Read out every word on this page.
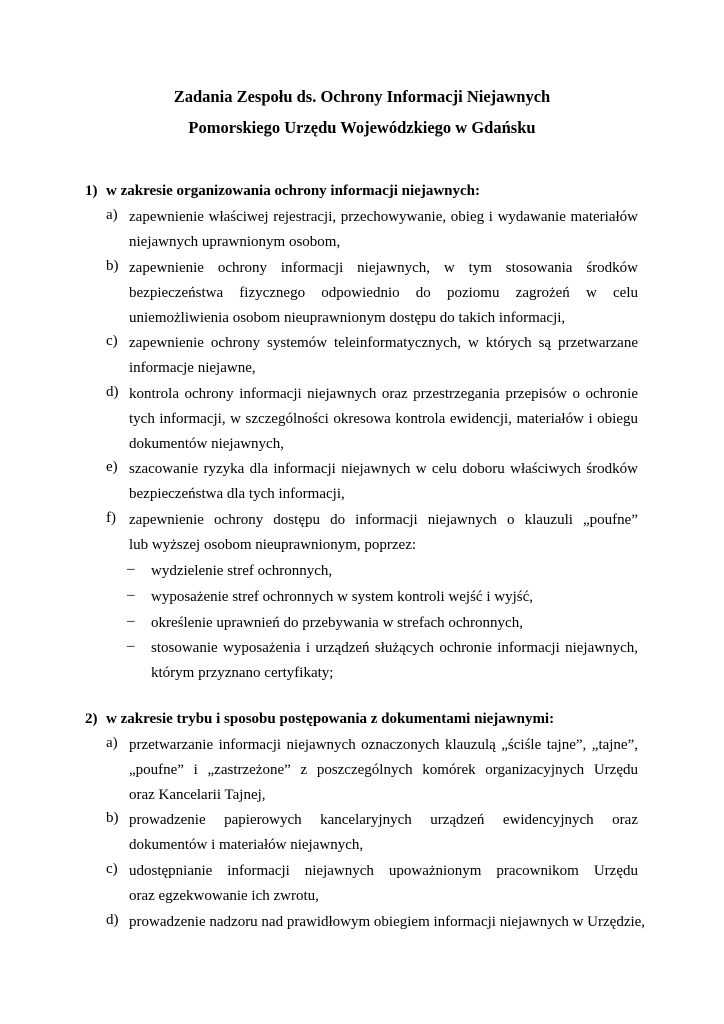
Zadania Zespołu ds. Ochrony Informacji Niejawnych
Pomorskiego Urzędu Wojewódzkiego w Gdańsku
1) w zakresie organizowania ochrony informacji niejawnych:
a) zapewnienie właściwej rejestracji, przechowywanie, obieg i wydawanie materiałów
niejawnych uprawnionym osobom,
b) zapewnienie ochrony informacji niejawnych, w tym stosowania środków
bezpieczeństwa fizycznego odpowiednio do poziomu zagrożeń w celu
uniemożliwienia osobom nieuprawnionym dostępu do takich informacji,
c) zapewnienie ochrony systemów teleinformatycznych, w których są przetwarzane
informacje niejawne,
d) kontrola ochrony informacji niejawnych oraz przestrzegania przepisów o ochronie
tych informacji, w szczególności okresowa kontrola ewidencji, materiałów i obiegu
dokumentów niejawnych,
e) szacowanie ryzyka dla informacji niejawnych w celu doboru właściwych środków
bezpieczeństwa dla tych informacji,
f) zapewnienie ochrony dostępu do informacji niejawnych o klauzuli „poufne”
lub wyższej osobom nieuprawnionym, poprzez:
– wydzielenie stref ochronnych,
– wyposażenie stref ochronnych w system kontroli wejść i wyjść,
– określenie uprawnień do przebywania w strefach ochronnych,
– stosowanie wyposażenia i urządzeń służących ochronie informacji niejawnych,
którym przyznano certyfikaty;
2) w zakresie trybu i sposobu postępowania z dokumentami niejawnymi:
a) przetwarzanie informacji niejawnych oznaczonych klauzulą „ściśle tajne”, „tajne”,
„poufne” i „zastrzeżone” z poszczególnych komórek organizacyjnych Urzędu
oraz Kancelarii Tajnej,
b) prowadzenie papierowych kancelaryjnych urządzeń ewidencyjnych oraz
dokumentów i materiałów niejawnych,
c) udostępnianie informacji niejawnych upoważnionym pracownikom Urzędu
oraz egzekwowanie ich zwrotu,
d) prowadzenie nadzoru nad prawidłowym obiegiem informacji niejawnych w Urzędzie,
